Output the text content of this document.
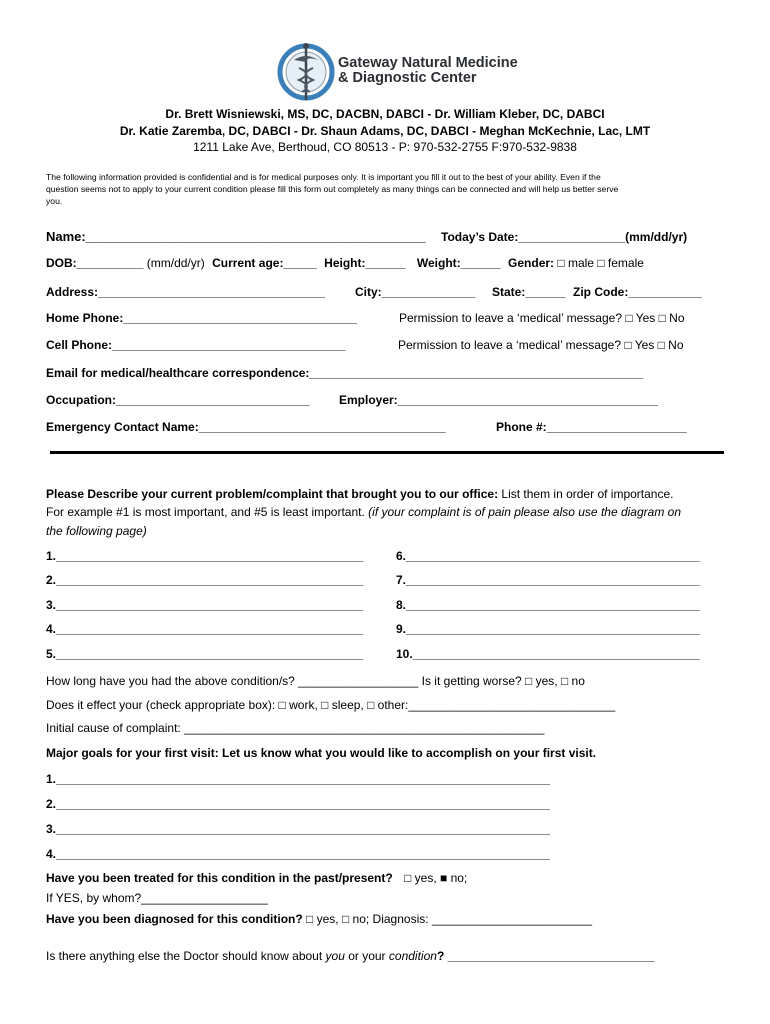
Gateway Natural Medicine
& Diagnostic Center
Dr. Brett Wisniewski, MS, DC, DACBN, DABCI - Dr. William Kleber, DC, DABCI
Dr. Katie Zaremba, DC, DABCI - Dr. Shaun Adams, DC, DABCI - Meghan McKechnie, Lac, LMT
1211 Lake Ave, Berthoud, CO 80513 - P: 970-532-2755 F:970-532-9838
The following information provided is confidential and is for medical purposes only. It is important you fill it out to the best of your ability. Even if the
question seems not to apply to your current condition please fill this form out completely as many things can be connected and will help us better serve
you.
Name:_______________________________________________ Today’s Date:________________(mm/dd/yr)
DOB:__________ (mm/dd/yr) Current age:_____ Height:______ Weight:______ Gender: □ male □ female
Address:__________________________________	City:______________ State:______ Zip Code:___________
Home Phone:___________________________________	Permission to leave a ‘medical’ message? □ Yes □ No
Cell Phone:___________________________________	Permission to leave a ‘medical’ message? □ Yes □ No
Email for medical/healthcare correspondence:__________________________________________________
Occupation:_____________________________ Employer:_______________________________________
Emergency Contact Name:_____________________________________	Phone #:_____________________
Please Describe your current problem/complaint that brought you to our office: List them in order of importance.
For example #1 is most important, and #5 is least important. (if your complaint is of pain please also use the diagram on
the following page)
1.______________________________________________	6.____________________________________________
2.______________________________________________	7.____________________________________________
3.______________________________________________	8.____________________________________________
4.______________________________________________	9.____________________________________________
5.______________________________________________	10.___________________________________________
How long have you had the above condition/s? __________________ Is it getting worse? □ yes, □ no
Does it effect your (check appropriate box): □ work, □ sleep, □ other:_______________________________
Initial cause of complaint: ______________________________________________________
Major goals for your first visit: Let us know what you would like to accomplish on your first visit.
1.__________________________________________________________________________
2.__________________________________________________________________________
3.__________________________________________________________________________
4.__________________________________________________________________________
Have you been treated for this condition in the past/present? □ yes, ■ no;
If YES, by whom?___________________
Have you been diagnosed for this condition? □ yes, □ no; Diagnosis: ________________________
Is there anything else the Doctor should know about you or your condition? _______________________________
